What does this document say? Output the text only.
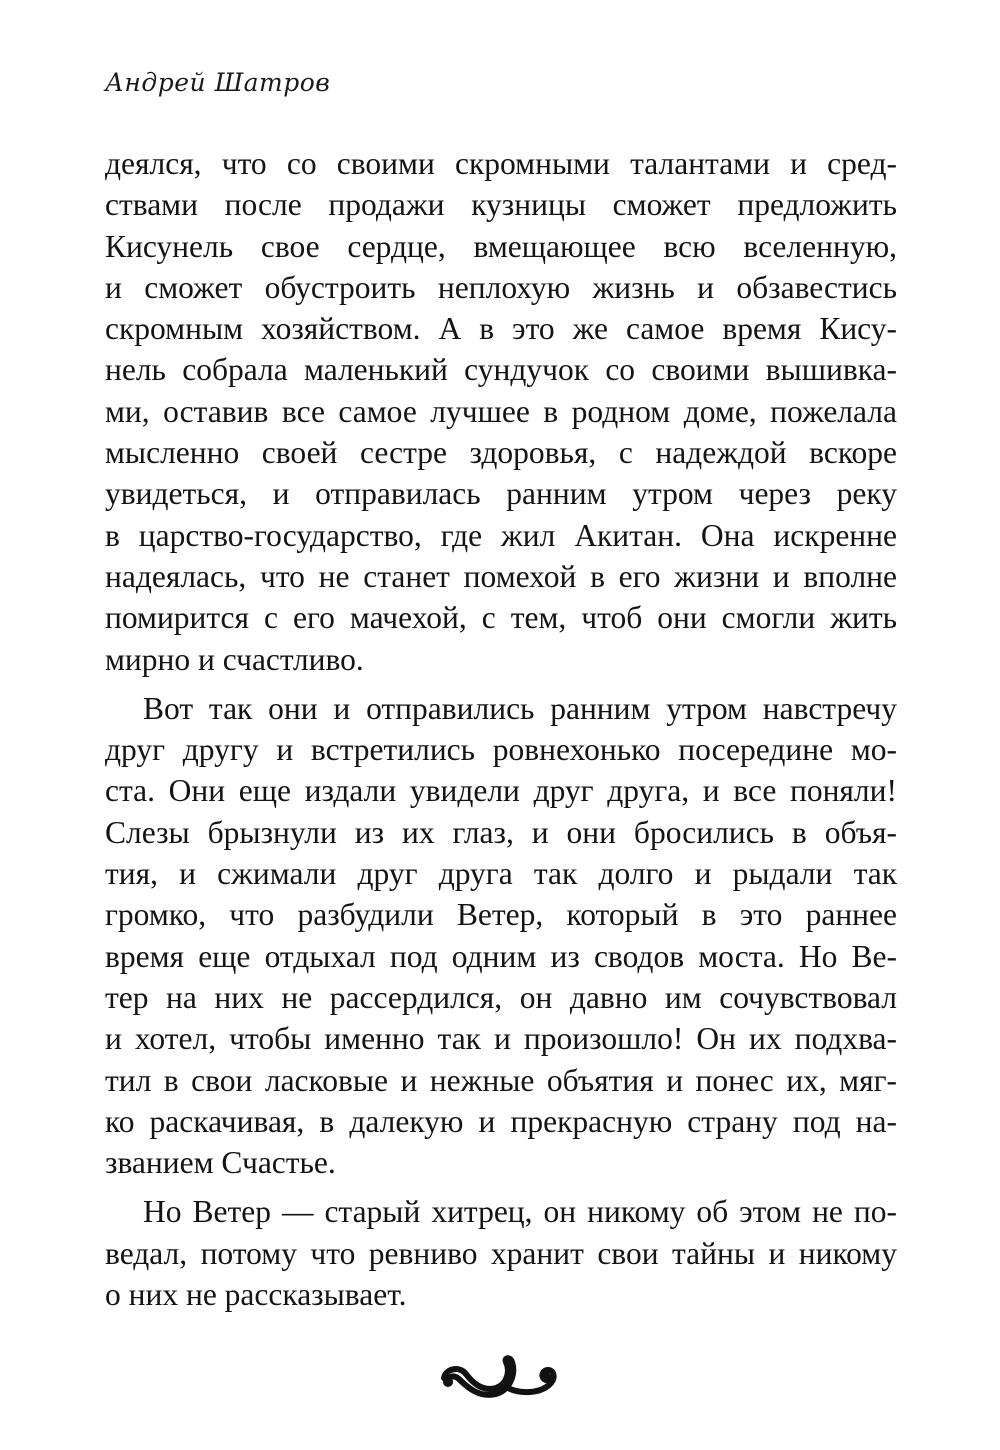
Андрей Шатров
деялся, что со своими скромными талантами и сред-
ствами после продажи кузницы сможет предложить
Кисунель свое сердце, вмещающее всю вселенную,
и сможет обустроить неплохую жизнь и обзавестись
скромным хозяйством. А в это же самое время Кису-
нель собрала маленький сундучок со своими вышивка-
ми, оставив все самое лучшее в родном доме, пожелала
мысленно своей сестре здоровья, с надеждой вскоре
увидеться, и отправилась ранним утром через реку
в царство-государство, где жил Акитан. Она искренне
надеялась, что не станет помехой в его жизни и вполне
помирится с его мачехой, с тем, чтоб они смогли жить
мирно и счастливо.
Вот так они и отправились ранним утром навстречу
друг другу и встретились ровнехонько посередине мо-
ста. Они еще издали увидели друг друга, и все поняли!
Слезы брызнули из их глаз, и они бросились в объя-
тия, и сжимали друг друга так долго и рыдали так
громко, что разбудили Ветер, который в это раннее
время еще отдыхал под одним из сводов моста. Но Ве-
тер на них не рассердился, он давно им сочувствовал
и хотел, чтобы именно так и произошло! Он их подхва-
тил в свои ласковые и нежные объятия и понес их, мяг-
ко раскачивая, в далекую и прекрасную страну под на-
званием Счастье.
Но Ветер — старый хитрец, он никому об этом не по-
ведал, потому что ревниво хранит свои тайны и никому
о них не рассказывает.
